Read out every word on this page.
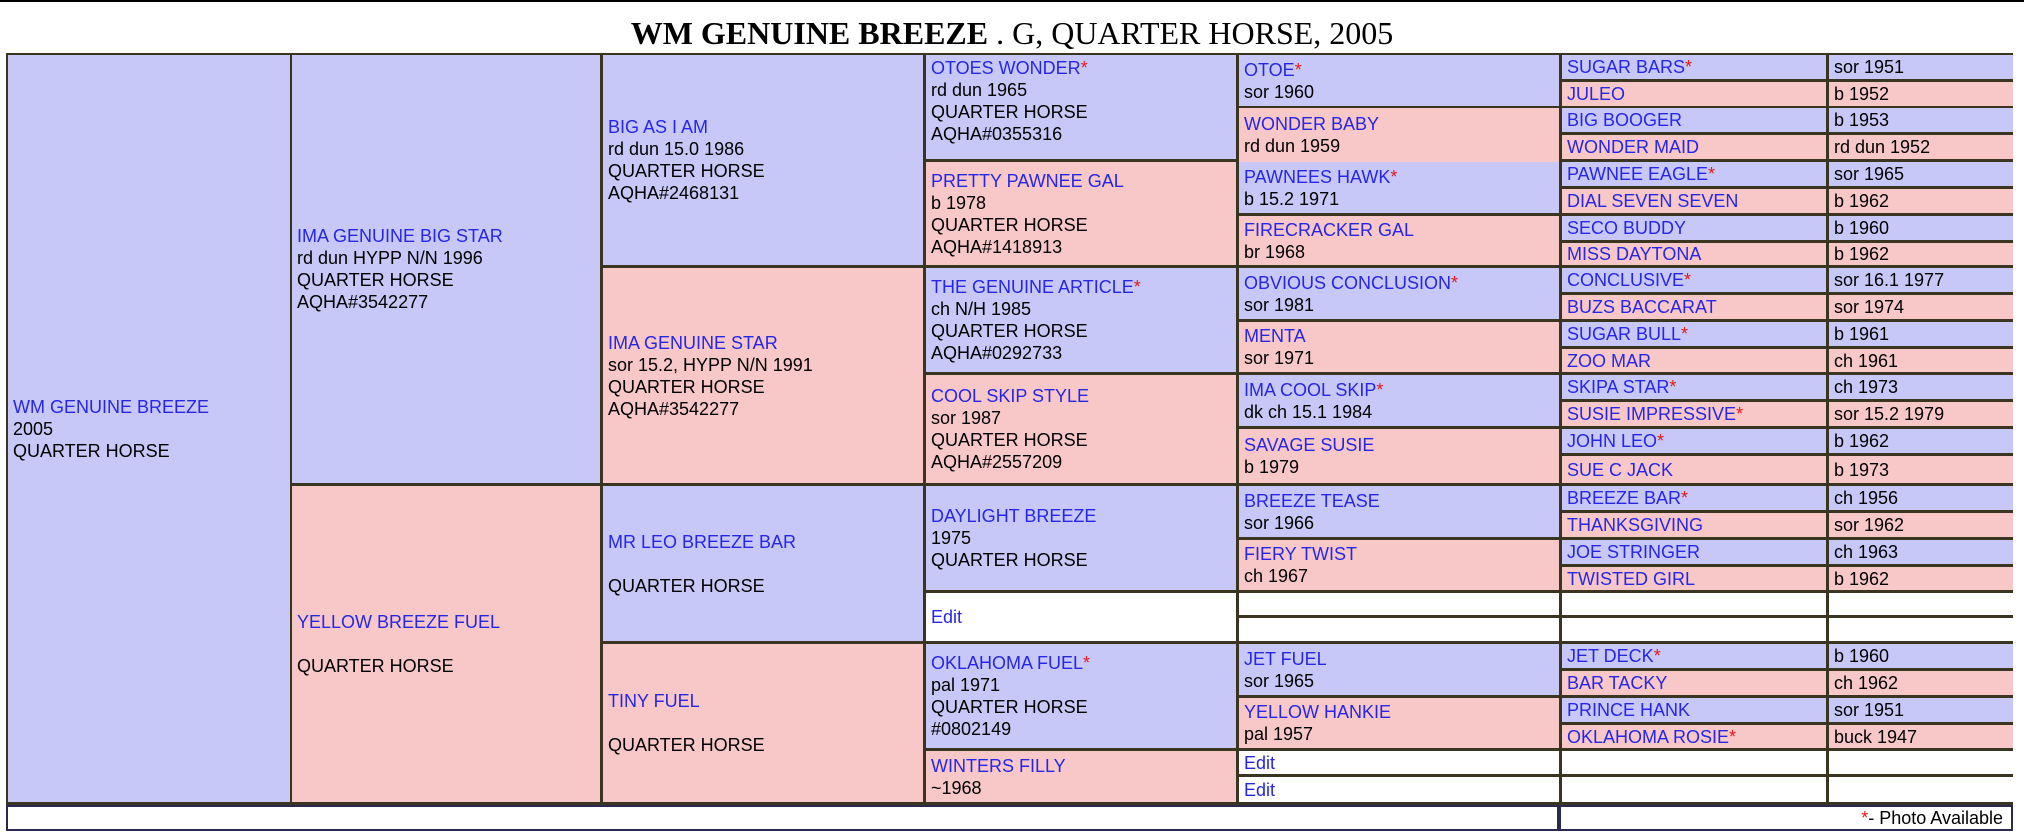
WM GENUINE BREEZE . G, QUARTER HORSE, 2005
WM GENUINE BREEZE
2005
QUARTER HORSE
IMA GENUINE BIG STAR
rd dun HYPP N/N 1996
QUARTER HORSE
AQHA#3542277
YELLOW BREEZE FUEL
QUARTER HORSE
BIG AS I AM
rd dun 15.0 1986
QUARTER HORSE
AQHA#2468131
IMA GENUINE STAR
sor 15.2, HYPP N/N 1991
QUARTER HORSE
AQHA#3542277
MR LEO BREEZE BAR
QUARTER HORSE
TINY FUEL
QUARTER HORSE
OTOES WONDER*
rd dun 1965
QUARTER HORSE
AQHA#0355316
PRETTY PAWNEE GAL
b 1978
QUARTER HORSE
AQHA#1418913
THE GENUINE ARTICLE*
ch N/H 1985
QUARTER HORSE
AQHA#0292733
COOL SKIP STYLE
sor 1987
QUARTER HORSE
AQHA#2557209
DAYLIGHT BREEZE
1975
QUARTER HORSE
OKLAHOMA FUEL*
pal 1971
QUARTER HORSE
#0802149
WINTERS FILLY
~1968
Edit
OTOE*
sor 1960
WONDER BABY
rd dun 1959
PAWNEES HAWK*
b 15.2 1971
FIRECRACKER GAL
br 1968
OBVIOUS CONCLUSION*
sor 1981
MENTA
sor 1971
IMA COOL SKIP*
dk ch 15.1 1984
SAVAGE SUSIE
b 1979
BREEZE TEASE
sor 1966
FIERY TWIST
ch 1967
JET FUEL
sor 1965
YELLOW HANKIE
pal 1957
Edit
Edit
SUGAR BARS*	sor 1951
JULEO	b 1952
BIG BOOGER	b 1953
WONDER MAID	rd dun 1952
PAWNEE EAGLE*	sor 1965
DIAL SEVEN SEVEN	b 1962
SECO BUDDY	b 1960
MISS DAYTONA	b 1962
CONCLUSIVE*	sor 16.1 1977
BUZS BACCARAT	sor 1974
SUGAR BULL*	b 1961
ZOO MAR	ch 1961
SKIPA STAR*	ch 1973
SUSIE IMPRESSIVE*	sor 15.2 1979
JOHN LEO*	b 1962
SUE C JACK	b 1973
BREEZE BAR*	ch 1956
THANKSGIVING	sor 1962
JOE STRINGER	ch 1963
TWISTED GIRL	b 1962
JET DECK*	b 1960
BAR TACKY	ch 1962
PRINCE HANK	sor 1951
OKLAHOMA ROSIE*	buck 1947
* - Photo Available
